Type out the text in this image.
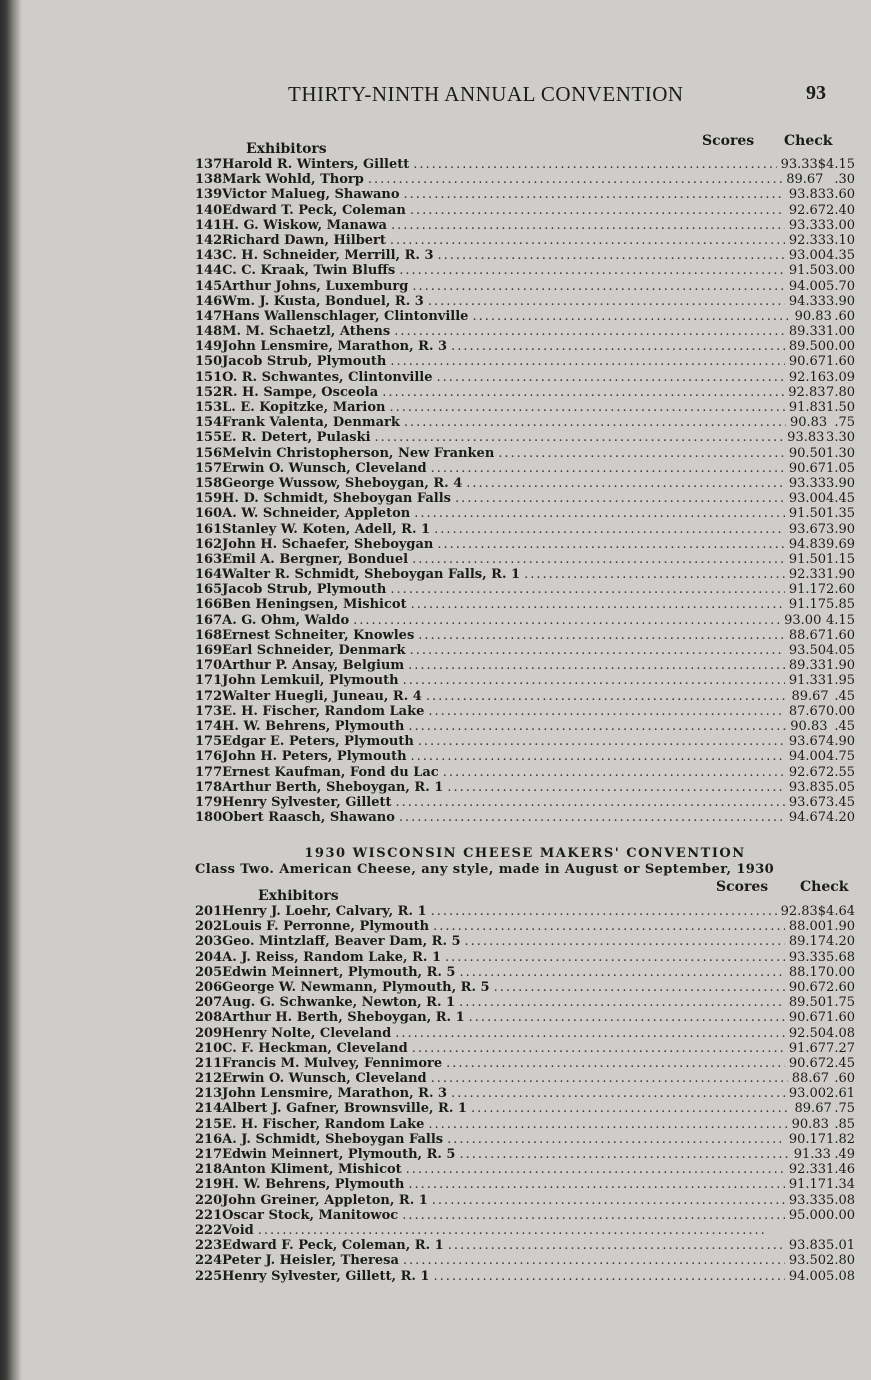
THIRTY-NINTH ANNUAL CONVENTION	93
Exhibitors	Scores Check
137 Harold R. Winters, Gillett .....	93.33 $4.15
138 Mark Wohld, Thorp .....	89.67 .30
139 Victor Malueg, Shawano .....	93.83 3.60
140 Edward T. Peck, Coleman .....	92.67 2.40
141 H. G. Wiskow, Manawa .....	93.33 3.00
142 Richard Dawn, Hilbert .....	92.33 3.10
143 C. H. Schneider, Merrill, R. 3 .....	93.00 4.35
144 C. C. Kraak, Twin Bluffs .....	91.50 3.00
145 Arthur Johns, Luxemburg .....	94.00 5.70
146 Wm. J. Kusta, Bonduel, R. 3 .....	94.33 3.90
147 Hans Wallenschlager, Clintonville .....	90.83 .60
148 M. M. Schaetzl, Athens .....	89.33 1.00
149 John Lensmire, Marathon, R. 3 .....	89.50 0.00
150 Jacob Strub, Plymouth .....	90.67 1.60
151 O. R. Schwantes, Clintonville .....	92.16 3.09
152 R. H. Sampe, Osceola .....	92.83 7.80
153 L. E. Kopitzke, Marion .....	91.83 1.50
154 Frank Valenta, Denmark .....	90.83 .75
155 E. R. Detert, Pulaski .....	93.83 3.30
156 Melvin Christopherson, New Franken .....	90.50 1.30
157 Erwin O. Wunsch, Cleveland .....	90.67 1.05
158 George Wussow, Sheboygan, R. 4 .....	93.33 3.90
159 H. D. Schmidt, Sheboygan Falls .....	93.00 4.45
160 A. W. Schneider, Appleton .....	91.50 1.35
161 Stanley W. Koten, Adell, R. 1 .....	93.67 3.90
162 John H. Schaefer, Sheboygan .....	94.83 9.69
163 Emil A. Bergner, Bonduel .....	91.50 1.15
164 Walter R. Schmidt, Sheboygan Falls, R. 1 .....	92.33 1.90
165 Jacob Strub, Plymouth .....	91.17 2.60
166 Ben Heningsen, Mishicot .....	91.17 5.85
167 A. G. Ohm, Waldo .....	93.00 4.15
168 Ernest Schneiter, Knowles .....	88.67 1.60
169 Earl Schneider, Denmark .....	93.50 4.05
170 Arthur P. Ansay, Belgium .....	89.33 1.90
171 John Lemkuil, Plymouth .....	91.33 1.95
172 Walter Huegli, Juneau, R. 4 .....	89.67 .45
173 E. H. Fischer, Random Lake .....	87.67 0.00
174 H. W. Behrens, Plymouth .....	90.83 .45
175 Edgar E. Peters, Plymouth .....	93.67 4.90
176 John H. Peters, Plymouth .....	94.00 4.75
177 Ernest Kaufman, Fond du Lac .....	92.67 2.55
178 Arthur Berth, Sheboygan, R. 1 .....	93.83 5.05
179 Henry Sylvester, Gillett .....	93.67 3.45
180 Obert Raasch, Shawano .....	94.67 4.20
1930 WISCONSIN CHEESE MAKERS' CONVENTION
Class Two. American Cheese, any style, made in August or September, 1930
Exhibitors
Scores Check
201 Henry J. Loehr, Calvary, R. 1 .....	92.83 $4.64
202 Louis F. Perronne, Plymouth .....	88.00 1.90
203 Geo. Mintzlaff, Beaver Dam, R. 5 .....	89.17 4.20
204 A. J. Reiss, Random Lake, R. 1 .....	93.33 5.68
205 Edwin Meinnert, Plymouth, R. 5 .....	88.17 0.00
206 George W. Newmann, Plymouth, R. 5 .....	90.67 2.60
207 Aug. G. Schwanke, Newton, R. 1 .....	89.50 1.75
208 Arthur H. Berth, Sheboygan, R. 1 .....	90.67 1.60
209 Henry Nolte, Cleveland .....	92.50 4.08
210 C. F. Heckman, Cleveland .....	91.67 7.27
211 Francis M. Mulvey, Fennimore .....	90.67 2.45
212 Erwin O. Wunsch, Cleveland .....	88.67 .60
213 John Lensmire, Marathon, R. 3 .....	93.00 2.61
214 Albert J. Gafner, Brownsville, R. 1 .....	89.67 .75
215 E. H. Fischer, Random Lake .....	90.83 .85
216 A. J. Schmidt, Sheboygan Falls .....	90.17 1.82
217 Edwin Meinnert, Plymouth, R. 5 .....	91.33 .49
218 Anton Kliment, Mishicot .....	92.33 1.46
219 H. W. Behrens, Plymouth .....	91.17 1.34
220 John Greiner, Appleton, R. 1 .....	93.33 5.08
221 Oscar Stock, Manitowoc .....	95.00 0.00
222 Void
.....
223 Edward F. Peck, Coleman, R. 1 .....	93.83 5.01
224 Peter J. Heisler, Theresa .....	93.50 2.80
225 Henry Sylvester, Gillett, R. 1 .....	94.00 5.08
